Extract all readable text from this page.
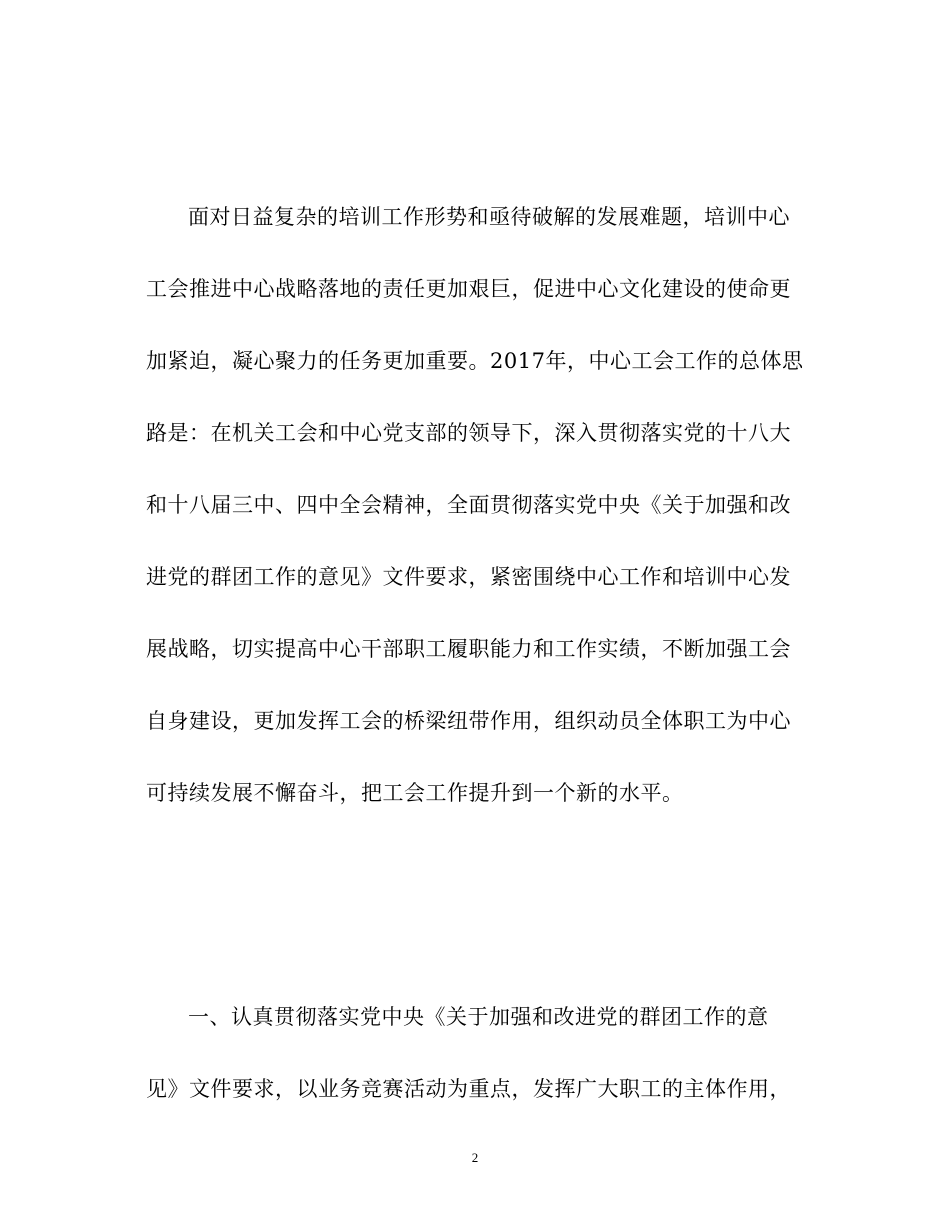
面对日益复杂的培训工作形势和亟待破解的发展难题，培训中心
工会推进中心战略落地的责任更加艰巨，促进中心文化建设的使命更
加紧迫，凝心聚力的任务更加重要。2017年，中心工会工作的总体思
路是：在机关工会和中心党支部的领导下，深入贯彻落实党的十八大
和十八届三中、四中全会精神，全面贯彻落实党中央《关于加强和改
进党的群团工作的意见》文件要求，紧密围绕中心工作和培训中心发
展战略，切实提高中心干部职工履职能力和工作实绩，不断加强工会
自身建设，更加发挥工会的桥梁纽带作用，组织动员全体职工为中心
可持续发展不懈奋斗，把工会工作提升到一个新的水平。
一、认真贯彻落实党中央《关于加强和改进党的群团工作的意
见》文件要求，以业务竞赛活动为重点，发挥广大职工的主体作用，
2
